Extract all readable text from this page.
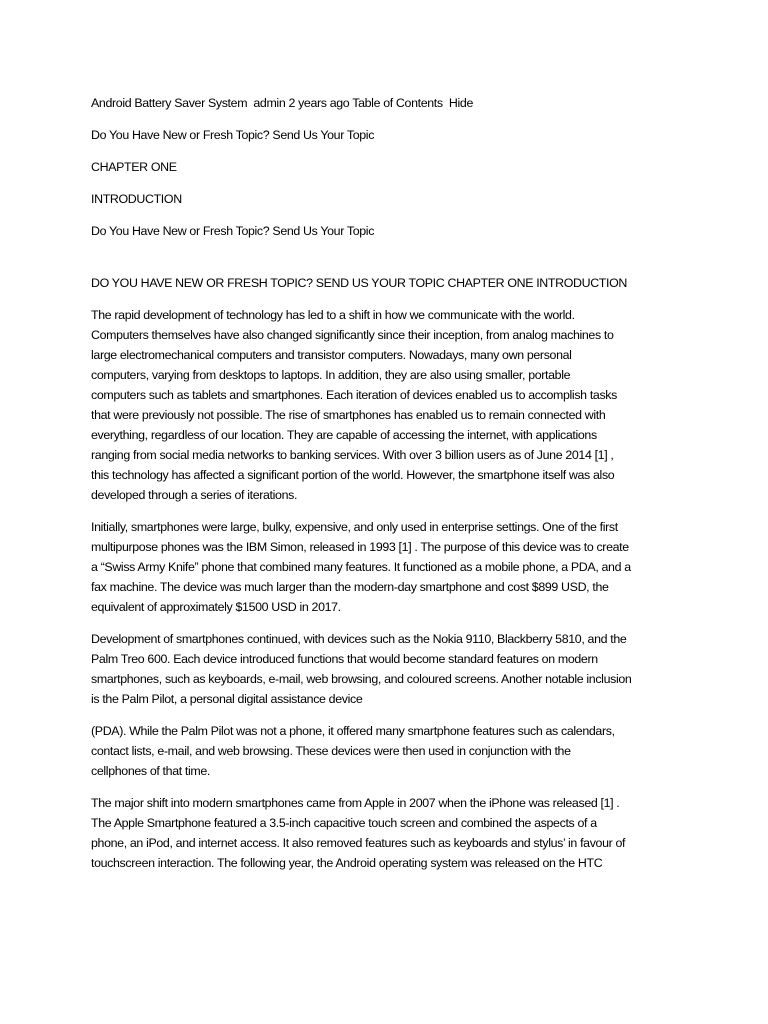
Android Battery Saver System admin 2 years ago Table of Contents Hide
Do You Have New or Fresh Topic? Send Us Your Topic
CHAPTER ONE
INTRODUCTION
Do You Have New or Fresh Topic? Send Us Your Topic
DO YOU HAVE NEW OR FRESH TOPIC? SEND US YOUR TOPIC CHAPTER ONE INTRODUCTION
The rapid development of technology has led to a shift in how we communicate with the world.
Computers themselves have also changed significantly since their inception, from analog machines to
large electromechanical computers and transistor computers. Nowadays, many own personal
computers, varying from desktops to laptops. In addition, they are also using smaller, portable
computers such as tablets and smartphones. Each iteration of devices enabled us to accomplish tasks
that were previously not possible. The rise of smartphones has enabled us to remain connected with
everything, regardless of our location. They are capable of accessing the internet, with applications
ranging from social media networks to banking services. With over 3 billion users as of June 2014 [1] ,
this technology has affected a significant portion of the world. However, the smartphone itself was also
developed through a series of iterations.
Initially, smartphones were large, bulky, expensive, and only used in enterprise settings. One of the first
multipurpose phones was the IBM Simon, released in 1993 [1] . The purpose of this device was to create
a “Swiss Army Knife” phone that combined many features. It functioned as a mobile phone, a PDA, and a
fax machine. The device was much larger than the modern-day smartphone and cost $899 USD, the
equivalent of approximately $1500 USD in 2017.
Development of smartphones continued, with devices such as the Nokia 9110, Blackberry 5810, and the
Palm Treo 600. Each device introduced functions that would become standard features on modern
smartphones, such as keyboards, e-mail, web browsing, and coloured screens. Another notable inclusion
is the Palm Pilot, a personal digital assistance device
(PDA). While the Palm Pilot was not a phone, it offered many smartphone features such as calendars,
contact lists, e-mail, and web browsing. These devices were then used in conjunction with the
cellphones of that time.
The major shift into modern smartphones came from Apple in 2007 when the iPhone was released [1] .
The Apple Smartphone featured a 3.5-inch capacitive touch screen and combined the aspects of a
phone, an iPod, and internet access. It also removed features such as keyboards and stylus’ in favour of
touchscreen interaction. The following year, the Android operating system was released on the HTC
